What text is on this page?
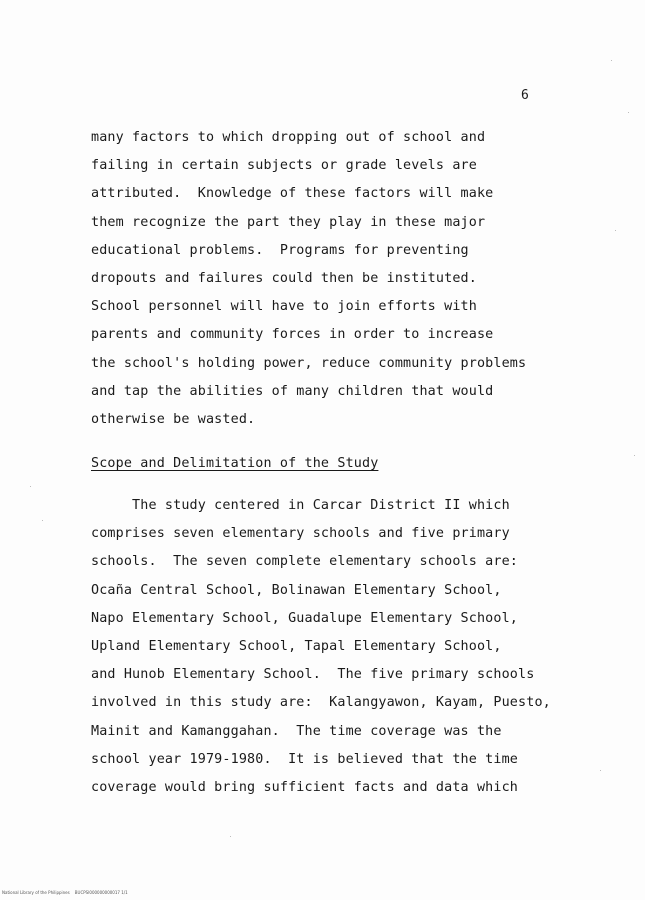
6
many factors to which dropping out of school and
failing in certain subjects or grade levels are
attributed.  Knowledge of these factors will make
them recognize the part they play in these major
educational problems.  Programs for preventing
dropouts and failures could then be instituted.
School personnel will have to join efforts with
parents and community forces in order to increase
the school's holding power, reduce community problems
and tap the abilities of many children that would
otherwise be wasted.
Scope and Delimitation of the Study
The study centered in Carcar District II which
comprises seven elementary schools and five primary
schools.  The seven complete elementary schools are:
Ocaña Central School, Bolinawan Elementary School,
Napo Elementary School, Guadalupe Elementary School,
Upland Elementary School, Tapal Elementary School,
and Hunob Elementary School.  The five primary schools
involved in this study are:  Kalangyawon, Kayam, Puesto,
Mainit and Kamanggahan.  The time coverage was the
school year 1979-1980.  It is believed that the time
coverage would bring sufficient facts and data which
National Library of the Philippines    BUCPSI000000000017 1/1
